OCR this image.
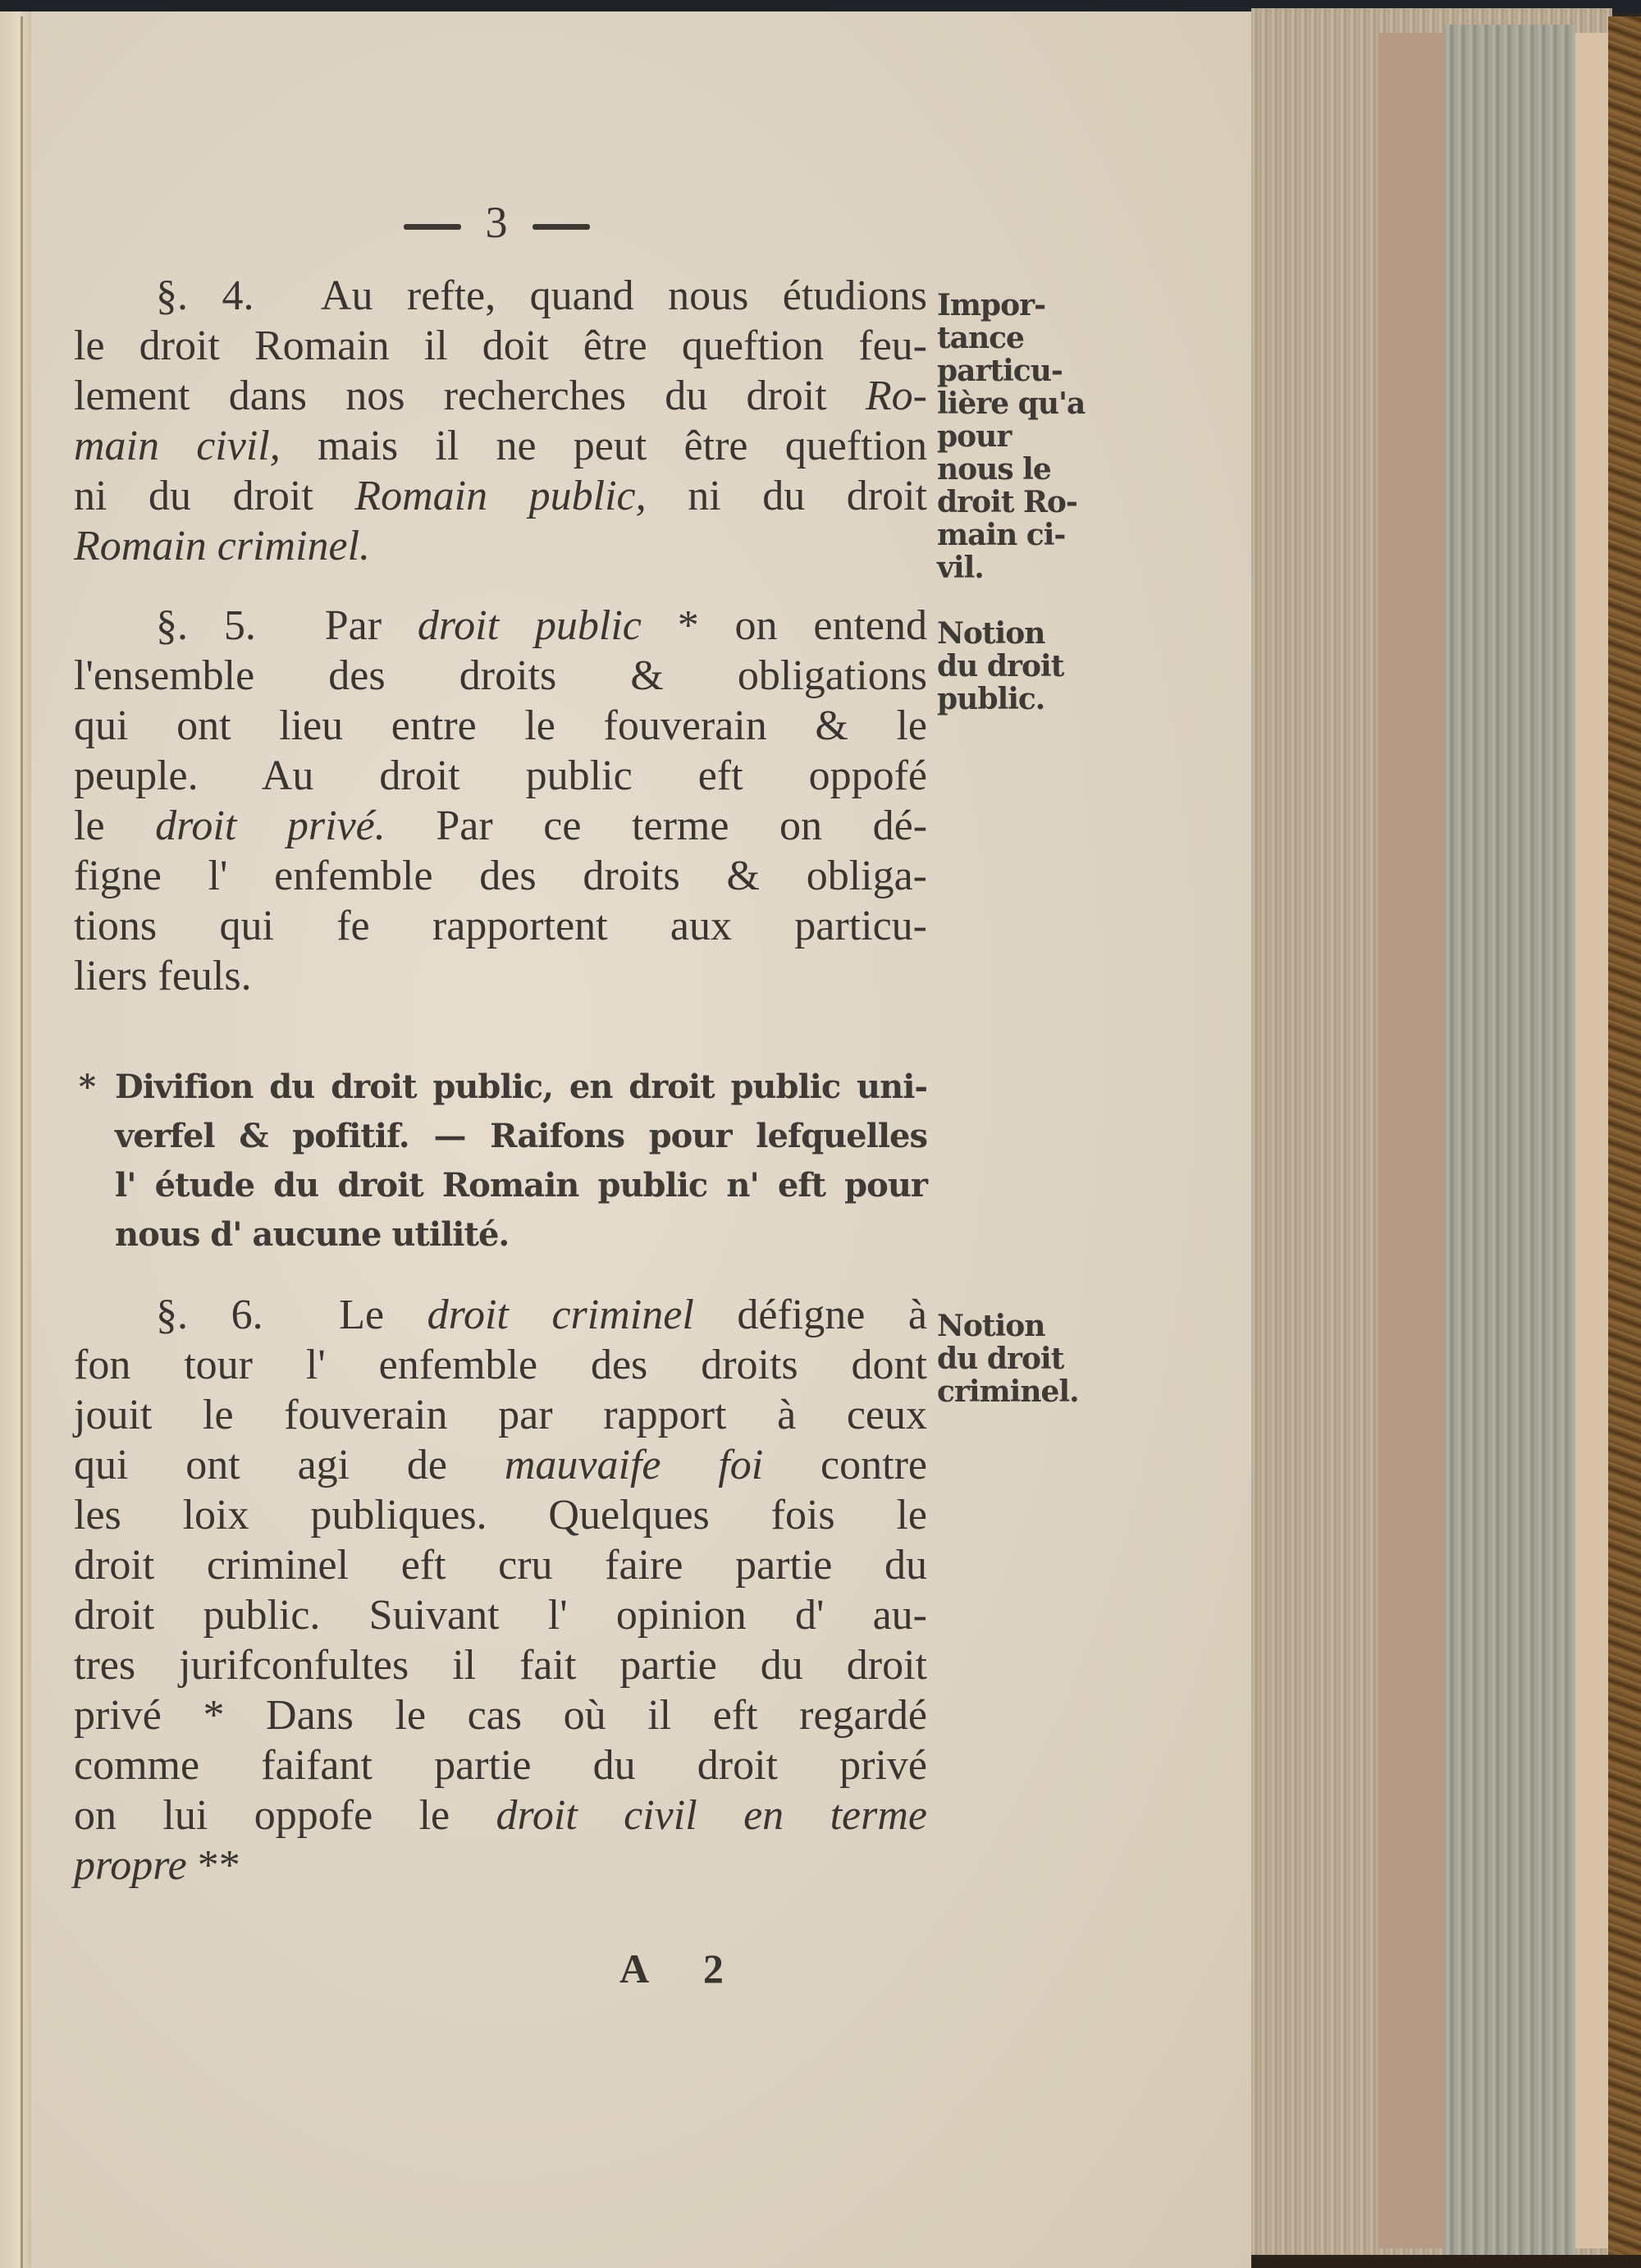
3
§. 4. Au refte, quand nous étudions
le droit Romain il doit être queftion feu-
lement dans nos recherches du droit Ro-
main civil, mais il ne peut être queftion
ni du droit Romain public, ni du droit
Romain criminel.
Impor-
tance
particu-
lière qu'a
pour
nous le
droit Ro-
main ci-
vil.
§. 5. Par droit public * on entend
l'ensemble des droits & obligations
qui ont lieu entre le fouverain & le
peuple. Au droit public eft oppofé
le droit privé. Par ce terme on dé-
figne l' enfemble des droits & obliga-
tions qui fe rapportent aux particu-
liers feuls.
Notion
du droit
public.
* Divifion du droit public, en droit public uni-
verfel & pofitif. — Raifons pour lefquelles
l' étude du droit Romain public n' eft pour
nous d' aucune utilité.
§. 6. Le droit criminel défigne à
fon tour l' enfemble des droits dont
jouit le fouverain par rapport à ceux
qui ont agi de mauvaife foi contre
les loix publiques. Quelques fois le
droit criminel eft cru faire partie du
droit public. Suivant l' opinion d' au-
tres jurifconfultes il fait partie du droit
privé * Dans le cas où il eft regardé
comme faifant partie du droit privé
on lui oppofe le droit civil en terme
propre **
Notion
du droit
criminel.
A 2
